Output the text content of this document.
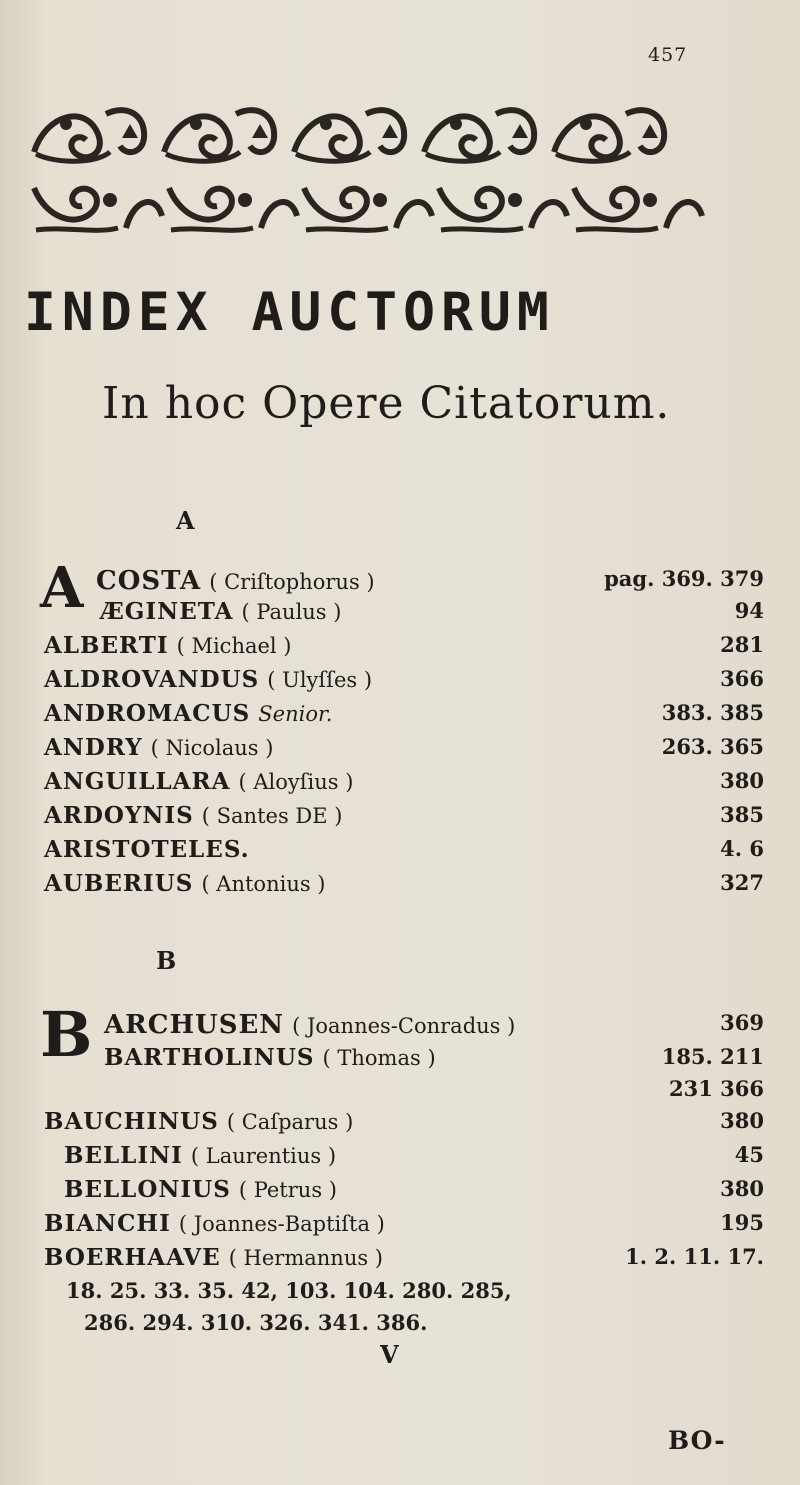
457
INDEX AUCTORUM
In hoc Opere Citatorum.
A
A COSTA ( Criſtophorus )	pag. 369. 379
ÆGINETA ( Paulus )	94
ALBERTI ( Michael )	281
ALDROVANDUS ( Ulyſſes )	366
ANDROMACUS Senior.	383. 385
ANDRY ( Nicolaus )	263. 365
ANGUILLARA ( Aloyſius )	380
ARDOYNIS ( Santes DE )	385
ARISTOTELES.	4. 6
AUBERIUS ( Antonius )	327
B
B ARCHUSEN ( Joannes-Conradus )	369
BARTHOLINUS ( Thomas )	185. 211
231 366
BAUCHINUS ( Caſparus )	380
BELLINI ( Laurentius )	45
BELLONIUS ( Petrus )	380
BIANCHI ( Joannes-Baptiſta )	195
BOERHAAVE ( Hermannus )	1. 2. 11. 17.
18. 25. 33. 35. 42, 103. 104. 280. 285,
286. 294. 310. 326. 341. 386.
V
BO-
